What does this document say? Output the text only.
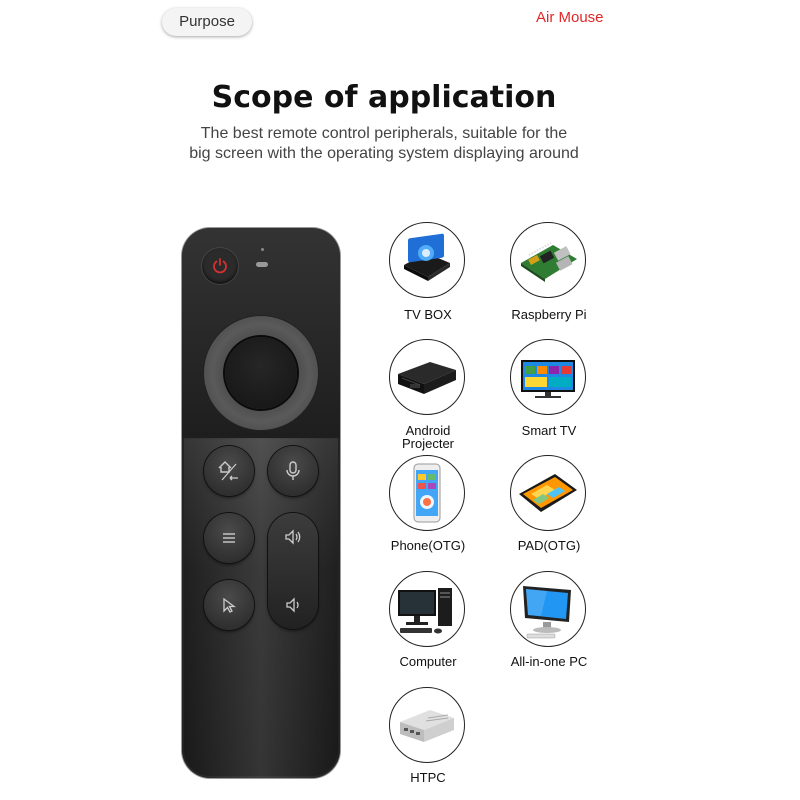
Purpose	Air Mouse
Scope of application
The best remote control peripherals, suitable for the
big screen with the operating system displaying around
TV BOX	Raspberry Pi
Android
Projecter
Smart TV
Phone(OTG)	PAD(OTG)
Computer	All-in-one PC
HTPC
